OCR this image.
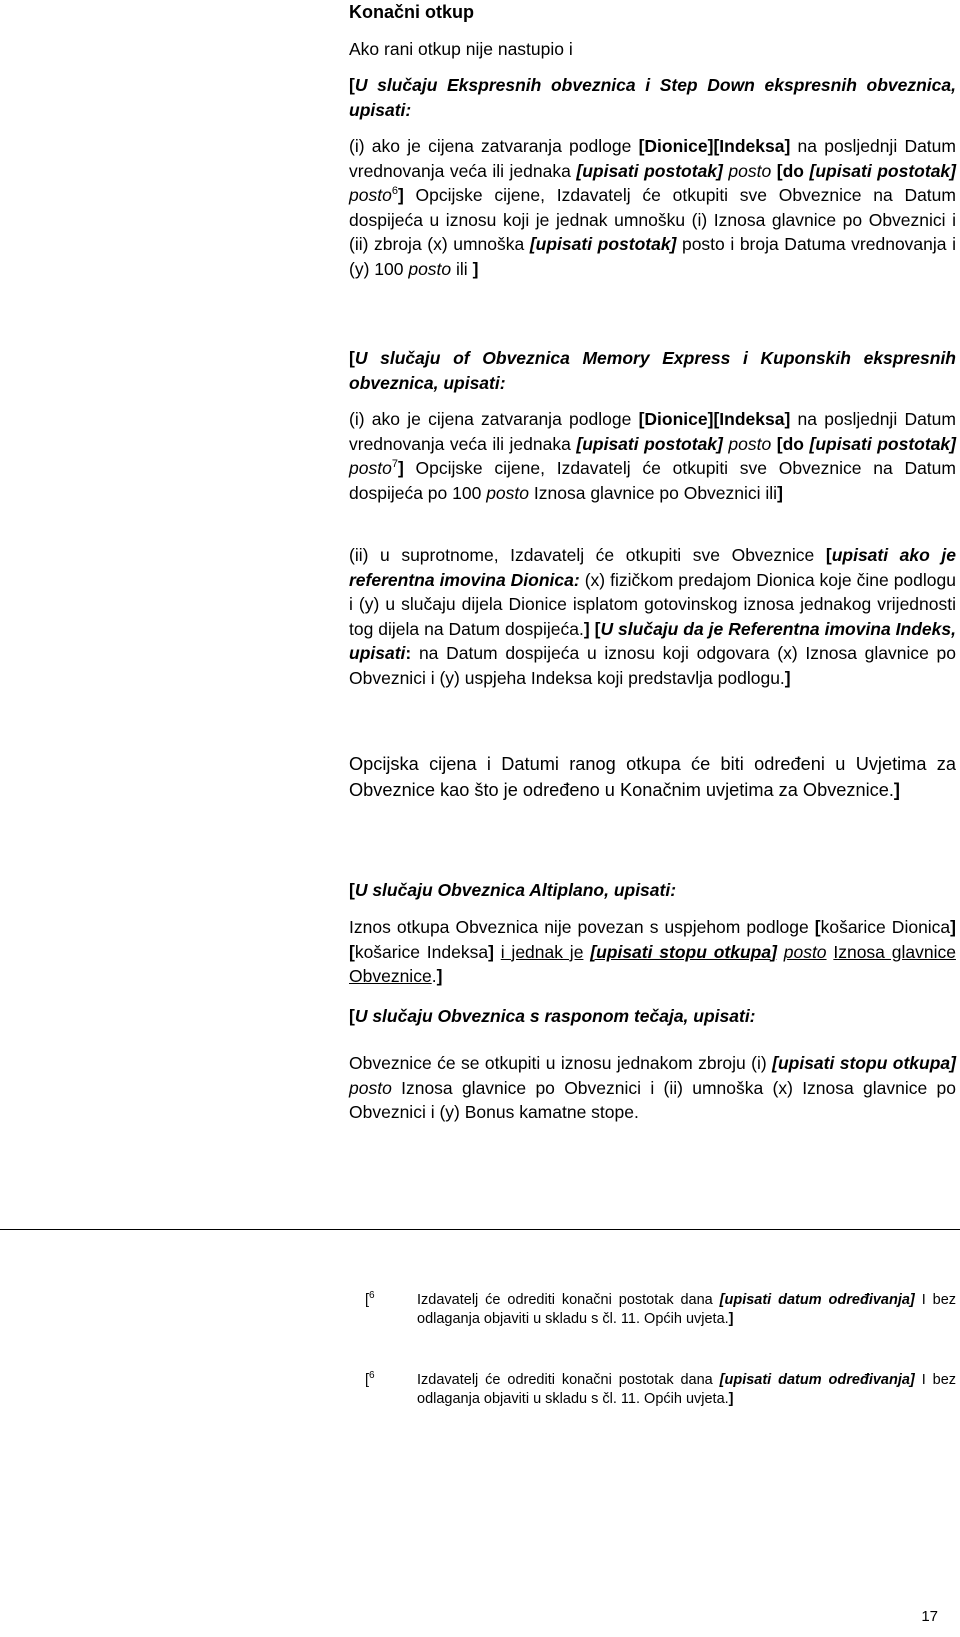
Konačni otkup

Ako rani otkup nije nastupio i

[U slučaju Ekspresnih obveznica i Step Down ekspresnih obveznica, upisati:

(i) ako je cijena zatvaranja podloge [Dionice][Indeksa] na posljednji Datum vrednovanja veća ili jednaka [upisati postotak] posto [do [upisati postotak] posto$^6$] Opcijske cijene, Izdavatelj će otkupiti sve Obveznice na Datum dospijeća u iznosu koji je jednak umnošku (i) Iznosa glavnice po Obveznici i (ii) zbroja (x) umnoška [upisati postotak] posto i broja Datuma vrednovanja i (y) 100 posto ili ]

[U slučaju of Obveznica Memory Express i Kuponskih ekspresnih obveznica, upisati:

(i) ako je cijena zatvaranja podloge [Dionice][Indeksa] na posljednji Datum vrednovanja veća ili jednaka [upisati postotak] posto [do [upisati postotak] posto$^7$] Opcijske cijene, Izdavatelj će otkupiti sve Obveznice na Datum dospijeća po 100 posto Iznosa glavnice po Obveznici ili]

(ii) u suprotnome, Izdavatelj će otkupiti sve Obveznice [upisati ako je referentna imovina Dionica: (x) fizičkom predajom Dionica koje čine podlogu i (y) u slučaju dijela Dionice isplatom gotovinskog iznosa jednakog vrijednosti tog dijela na Datum dospijeća.] [U slučaju da je Referentna imovina Indeks, upisati: na Datum dospijeća u iznosu koji odgovara (x) Iznosa glavnice po Obveznici i (y) uspjeha Indeksa koji predstavlja podlogu.]

Opcijska cijena i Datumi ranog otkupa će biti određeni u Uvjetima za Obveznice kao što je određeno u Konačnim uvjetima za Obveznice.]

[U slučaju Obveznica Altiplano, upisati:

Iznos otkupa Obveznica nije povezan s uspjehom podloge [košarice Dionica][košarice Indeksa] i jednak je [upisati stopu otkupa] posto Iznosa glavnice Obveznice.]

[U slučaju Obveznica s rasponom tečaja, upisati:

Obveznice će se otkupiti u iznosu jednakom zbroju (i) [upisati stopu otkupa] posto Iznosa glavnice po Obveznici i (ii) umnoška (x) Iznosa glavnice po Obveznici i (y) Bonus kamatne stope.

[$^6$	Izdavatelj će odrediti konačni postotak dana [upisati datum određivanja] I bez odlaganja objaviti u skladu s čl. 11. Općih uvjeta.]
[$^6$	Izdavatelj će odrediti konačni postotak dana [upisati datum određivanja] I bez odlaganja objaviti u skladu s čl. 11. Općih uvjeta.]
17
